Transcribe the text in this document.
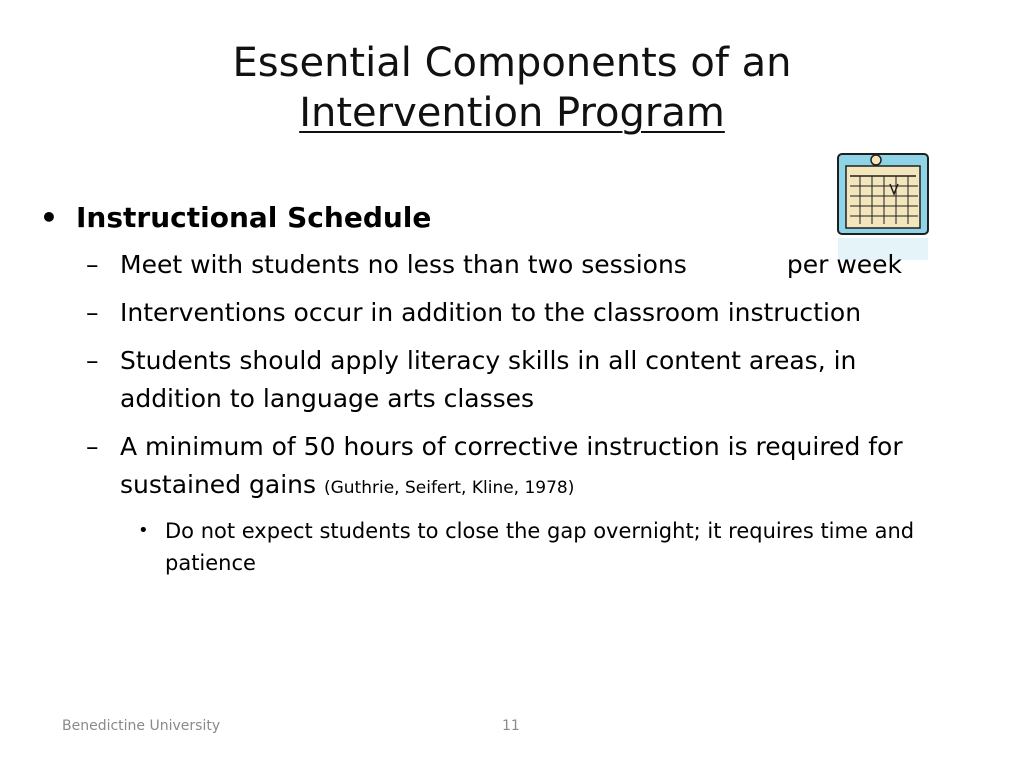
Essential Components of an
Intervention Program
• Instructional Schedule
– Meet with students no less than two sessions	per week
– Interventions occur in addition to the classroom instruction
– Students should apply literacy skills in all content areas, in addition to language arts classes
– A minimum of 50 hours of corrective instruction is required for sustained gains (Guthrie, Seifert, Kline, 1978)
• Do not expect students to close the gap overnight; it requires time and patience
Benedictine University	11
